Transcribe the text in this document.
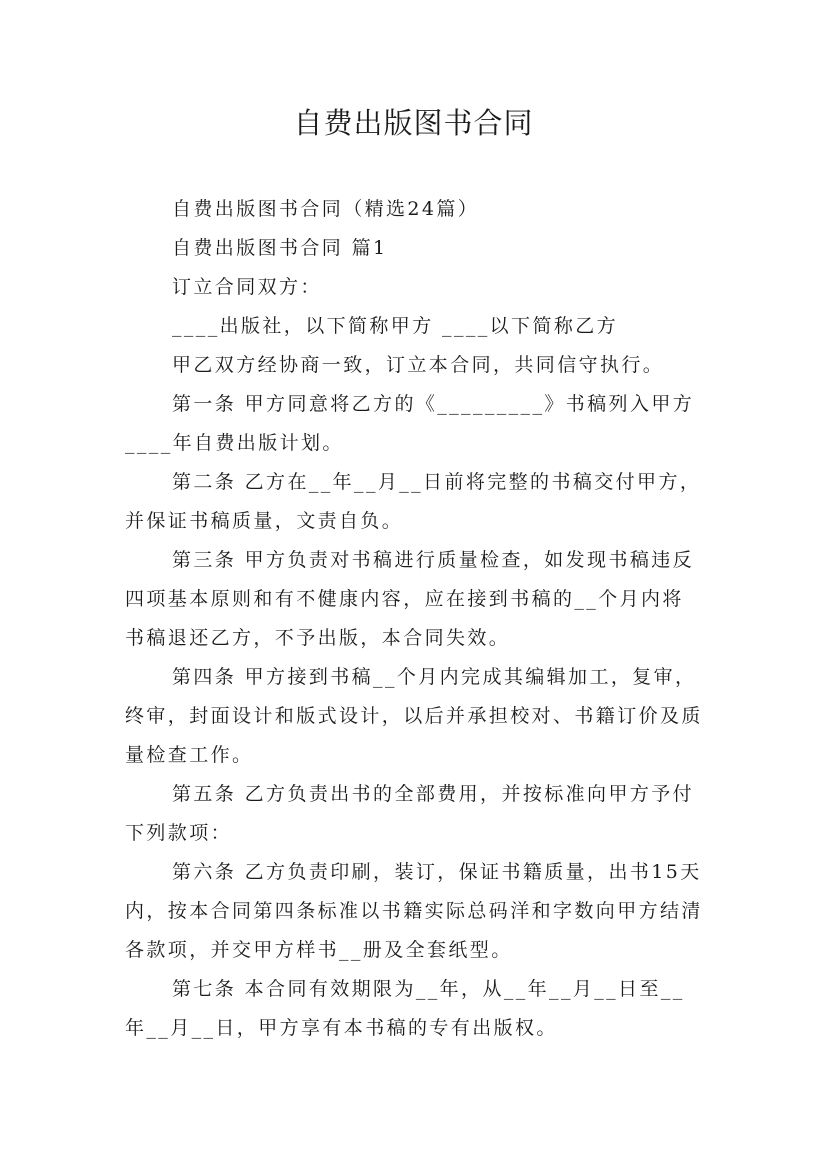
自费出版图书合同

自费出版图书合同（精选24篇）

自费出版图书合同 篇1

订立合同双方：

____出版社，以下简称甲方 ____以下简称乙方

甲乙双方经协商一致，订立本合同，共同信守执行。

第一条 甲方同意将乙方的《_________》书稿列入甲方____年自费出版计划。

第二条 乙方在__年__月__日前将完整的书稿交付甲方，并保证书稿质量，文责自负。

第三条 甲方负责对书稿进行质量检查，如发现书稿违反四项基本原则和有不健康内容，应在接到书稿的__个月内将书稿退还乙方，不予出版，本合同失效。

第四条 甲方接到书稿__个月内完成其编辑加工，复审，终审，封面设计和版式设计，以后并承担校对、书籍订价及质量检查工作。

第五条 乙方负责出书的全部费用，并按标准向甲方予付下列款项：

第六条 乙方负责印刷，装订，保证书籍质量，出书15天内，按本合同第四条标准以书籍实际总码洋和字数向甲方结清各款项，并交甲方样书__册及全套纸型。

第七条 本合同有效期限为__年，从__年__月__日至__年__月__日，甲方享有本书稿的专有出版权。
